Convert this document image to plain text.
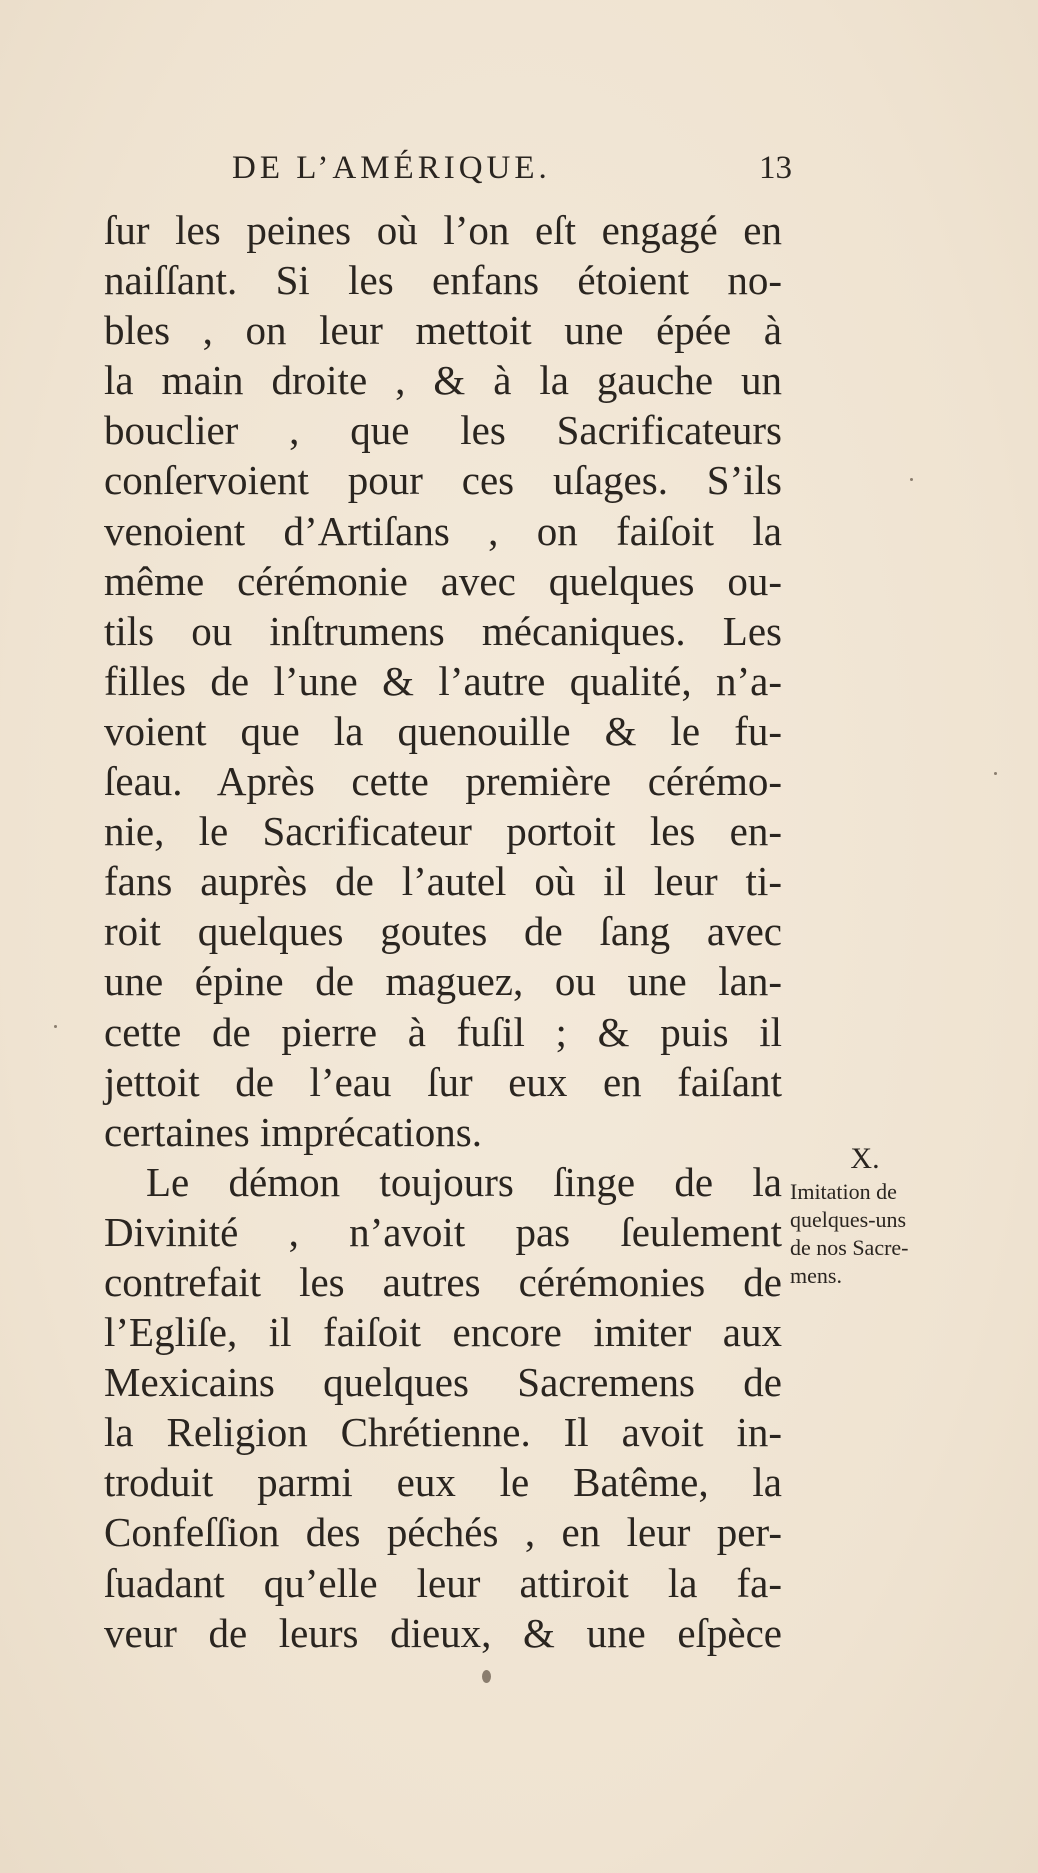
DE L’AMÉRIQUE.	13
ſur les peines où l’on eſt engagé en
naiſſant. Si les enfans étoient no-
bles , on leur mettoit une épée à
la main droite , & à la gauche un
bouclier , que les Sacrificateurs
conſervoient pour ces uſages. S’ils
venoient d’Artiſans , on faiſoit la
même cérémonie avec quelques ou-
tils ou inſtrumens mécaniques. Les
filles de l’une & l’autre qualité, n’a-
voient que la quenouille & le fu-
ſeau. Après cette première cérémo-
nie, le Sacrificateur portoit les en-
fans auprès de l’autel où il leur ti-
roit quelques goutes de ſang avec
une épine de maguez, ou une lan-
cette de pierre à fuſil ; & puis il
jettoit de l’eau ſur eux en faiſant
certaines imprécations.
Le démon toujours ſinge de la
Divinité , n’avoit pas ſeulement
contrefait les autres cérémonies de
l’Egliſe, il faiſoit encore imiter aux
Mexicains quelques Sacremens de
la Religion Chrétienne. Il avoit in-
troduit parmi eux le Batême, la
Confeſſion des péchés , en leur per-
ſuadant qu’elle leur attiroit la fa-
veur de leurs dieux, & une eſpèce
X.
Imitation de
quelques-uns
de nos Sacre-
mens.
